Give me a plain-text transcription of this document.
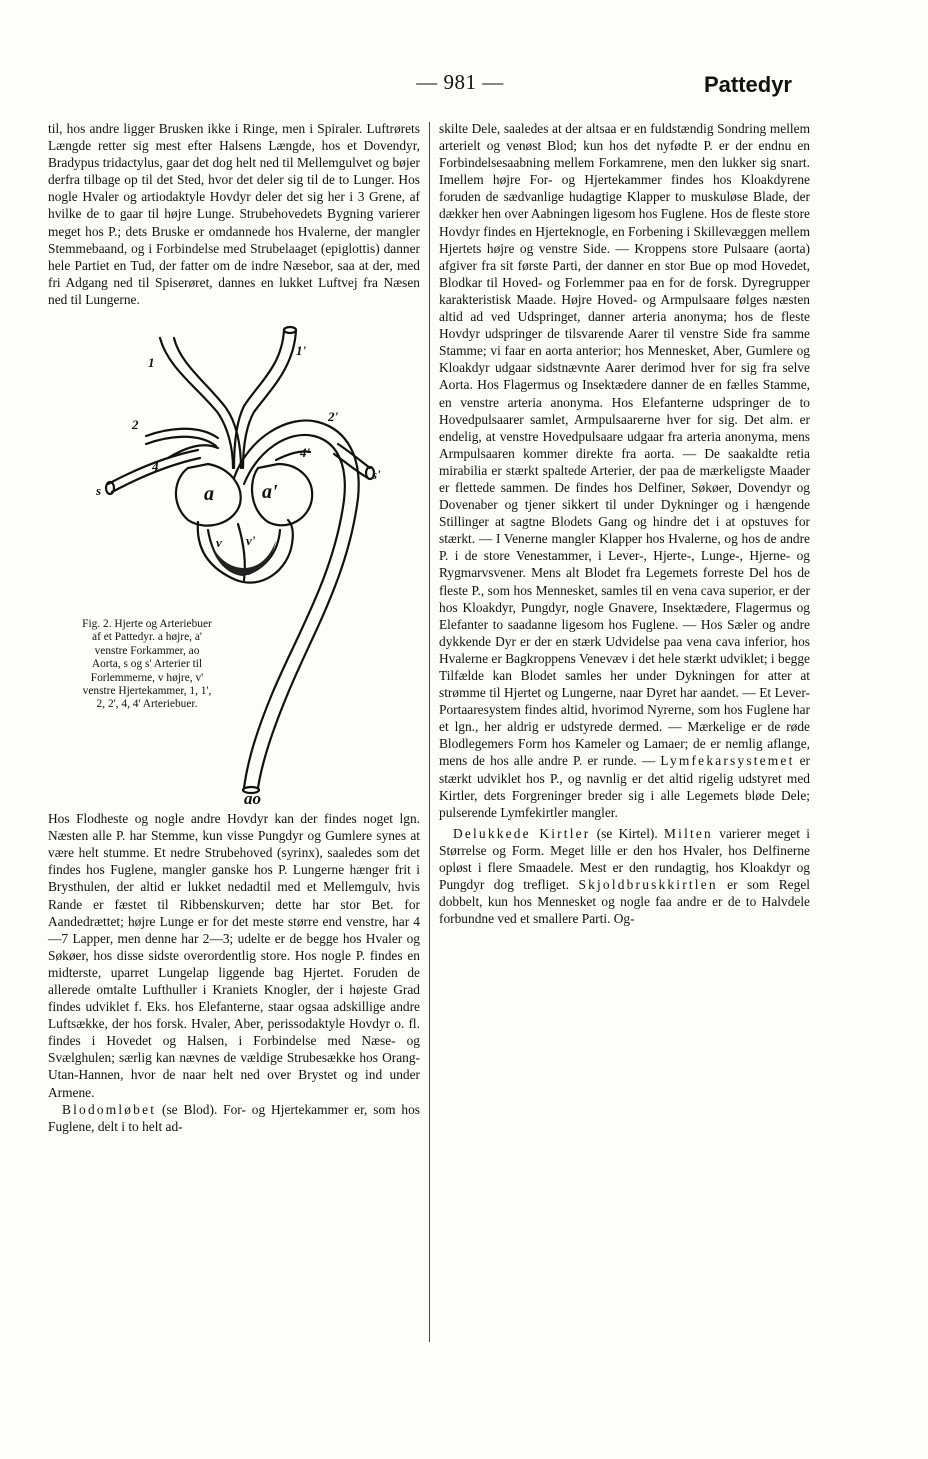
— 981 —	Pattedyr

til, hos andre ligger Brusken ikke i Ringe, men i Spiraler. Luftrørets Længde retter sig mest efter Halsens Længde, hos et Dovendyr, Bradypus tridactylus, gaar det dog helt ned til Mellemgulvet og bøjer derfra tilbage op til det Sted, hvor det deler sig til de to Lunger. Hos nogle Hvaler og artiodaktyle Hovdyr deler det sig her i 3 Grene, af hvilke de to gaar til højre Lunge. Strubehovedets Bygning varierer meget hos P.; dets Bruske er omdannede hos Hvalerne, der mangler Stemmebaand, og i Forbindelse med Strubelaaget (epiglottis) danner hele Partiet en Tud, der fatter om de indre Næsebor, saa at der, med fri Adgang ned til Spiserøret, dannes en lukket Luftvej fra Næsen ned til Lungerne.

1
1'
2
2'
4
4'
s
s'
a a'
v v'
ao
Fig. 2. Hjerte og Arteriebuer af et Pattedyr. a højre, a' venstre Forkammer, ao Aorta, s og s' Arterier til Forlemmerne, v højre, v' venstre Hjertekammer, 1, 1', 2, 2', 4, 4' Arteriebuer.

Hos Flodheste og nogle andre Hovdyr kan der findes noget lgn. Næsten alle P. har Stemme, kun visse Pungdyr og Gumlere synes at være helt stumme. Et nedre Strubehoved (syrinx), saaledes som det findes hos Fuglene, mangler ganske hos P. Lungerne hænger frit i Brysthulen, der altid er lukket nedadtil med et Mellemgulv, hvis Rande er fæstet til Ribbenskurven; dette har stor Bet. for Aandedrættet; højre Lunge er for det meste større end venstre, har 4—7 Lapper, men denne har 2—3; udelte er de begge hos Hvaler og Søkøer, hos disse sidste overordentlig store. Hos nogle P. findes en midterste, uparret Lungelap liggende bag Hjertet. Foruden de allerede omtalte Lufthuller i Kraniets Knogler, der i højeste Grad findes udviklet f. Eks. hos Elefanterne, staar ogsaa adskillige andre Luftsække, der hos forsk. Hvaler, Aber, perissodaktyle Hovdyr o. fl. findes i Hovedet og Halsen, i Forbindelse med Næse- og Svælghulen; særlig kan nævnes de vældige Strubesække hos Orang-Utan-Hannen, hvor de naar helt ned over Brystet og ind under Armene.

Blodomløbet (se Blod). For- og Hjertekammer er, som hos Fuglene, delt i to helt ad-

skilte Dele, saaledes at der altsaa er en fuldstændig Sondring mellem arterielt og venøst Blod; kun hos det nyfødte P. er der endnu en Forbindelsesaabning mellem Forkamrene, men den lukker sig snart. Imellem højre For- og Hjertekammer findes hos Kloakdyrene foruden de sædvanlige hudagtige Klapper to muskuløse Blade, der dækker hen over Aabningen ligesom hos Fuglene. Hos de fleste store Hovdyr findes en Hjerteknogle, en Forbening i Skillevæggen mellem Hjertets højre og venstre Side. — Kroppens store Pulsaare (aorta) afgiver fra sit første Parti, der danner en stor Bue op mod Hovedet, Blodkar til Hoved- og Forlemmer paa en for de forsk. Dyregrupper karakteristisk Maade. Højre Hoved- og Armpulsaare følges næsten altid ad ved Udspringet, danner arteria anonyma; hos de fleste Hovdyr udspringer de tilsvarende Aarer til venstre Side fra samme Stamme; vi faar en aorta anterior; hos Mennesket, Aber, Gumlere og Kloakdyr udgaar sidstnævnte Aarer derimod hver for sig fra selve Aorta. Hos Flagermus og Insektædere danner de en fælles Stamme, en venstre arteria anonyma. Hos Elefanterne udspringer de to Hovedpulsaarer samlet, Armpulsaarerne hver for sig. Det alm. er endelig, at venstre Hovedpulsaare udgaar fra arteria anonyma, mens Armpulsaaren kommer direkte fra aorta. — De saakaldte retia mirabilia er stærkt spaltede Arterier, der paa de mærkeligste Maader er flettede sammen. De findes hos Delfiner, Søkøer, Dovendyr og Dovenaber og tjener sikkert til under Dykninger og i hængende Stillinger at sagtne Blodets Gang og hindre det i at opstuves for stærkt. — I Venerne mangler Klapper hos Hvalerne, og hos de andre P. i de store Venestammer, i Lever-, Hjerte-, Lunge-, Hjerne- og Rygmarvsvener. Mens alt Blodet fra Legemets forreste Del hos de fleste P., som hos Mennesket, samles til en vena cava superior, er der hos Kloakdyr, Pungdyr, nogle Gnavere, Insektædere, Flagermus og Elefanter to saadanne ligesom hos Fuglene. — Hos Sæler og andre dykkende Dyr er der en stærk Udvidelse paa vena cava inferior, hos Hvalerne er Bagkroppens Venevæv i det hele stærkt udviklet; i begge Tilfælde kan Blodet samles her under Dykningen for atter at strømme til Hjertet og Lungerne, naar Dyret har aandet. — Et Lever-Portaaresystem findes altid, hvorimod Nyrerne, som hos Fuglene har et lgn., her aldrig er udstyrede dermed. — Mærkelige er de røde Blodlegemers Form hos Kameler og Lamaer; de er nemlig aflange, mens de hos alle andre P. er runde. — Lymfekarsystemet er stærkt udviklet hos P., og navnlig er det altid rigelig udstyret med Kirtler, dets Forgreninger breder sig i alle Legemets bløde Dele; pulserende Lymfekirtler mangler.

Delukkede Kirtler (se Kirtel). Milten varierer meget i Størrelse og Form. Meget lille er den hos Hvaler, hos Delfinerne opløst i flere Smaadele. Mest er den rundagtig, hos Kloakdyr og Pungdyr dog trefliget. Skjoldbruskkirtlen er som Regel dobbelt, kun hos Mennesket og nogle faa andre er de to Halvdele forbundne ved et smallere Parti. Og-
